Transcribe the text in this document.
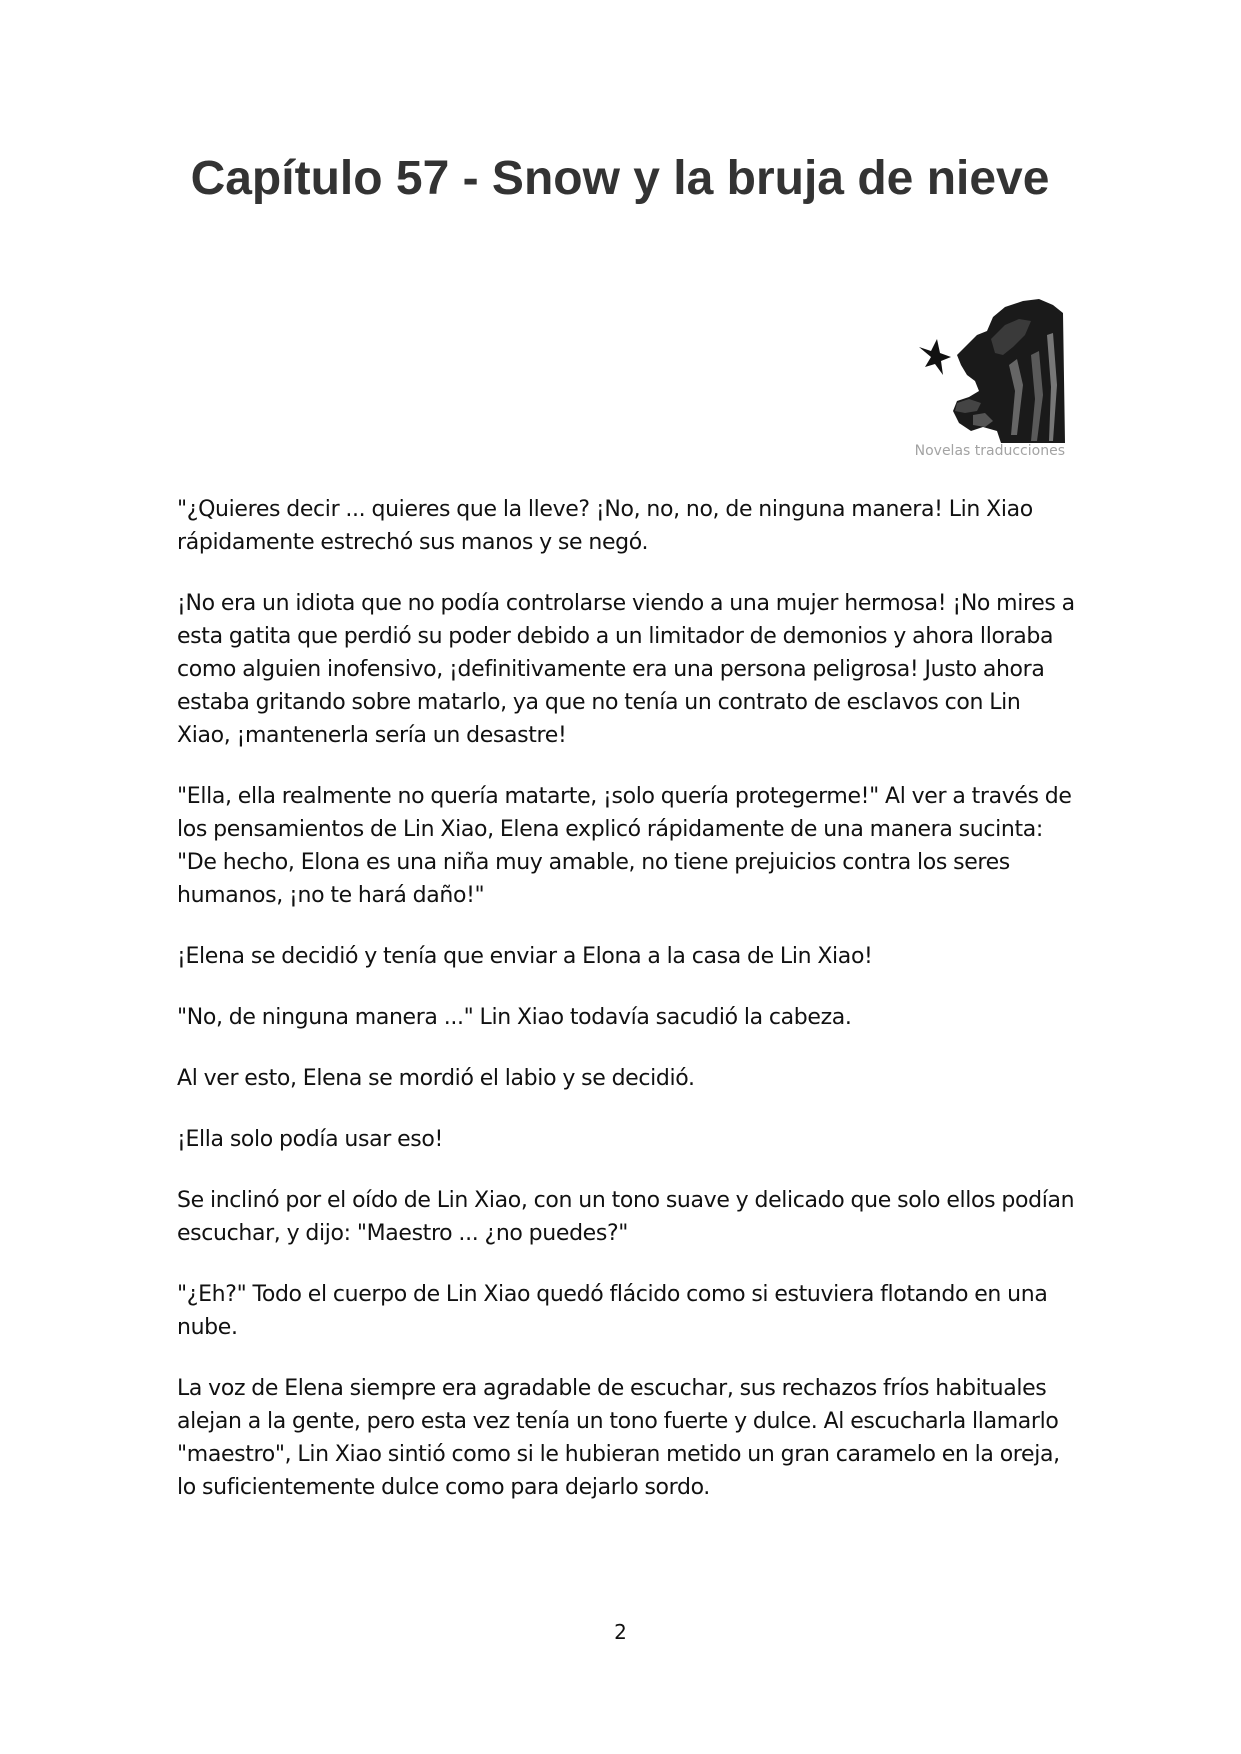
Capítulo 57 - Snow y la bruja de nieve
Novelas traducciones

"¿Quieres decir ... quieres que la lleve? ¡No, no, no, de ninguna manera! Lin Xiao rápidamente estrechó sus manos y se negó.

¡No era un idiota que no podía controlarse viendo a una mujer hermosa! ¡No mires a esta gatita que perdió su poder debido a un limitador de demonios y ahora lloraba como alguien inofensivo, ¡definitivamente era una persona peligrosa! Justo ahora estaba gritando sobre matarlo, ya que no tenía un contrato de esclavos con Lin Xiao, ¡mantenerla sería un desastre!

"Ella, ella realmente no quería matarte, ¡solo quería protegerme!" Al ver a través de los pensamientos de Lin Xiao, Elena explicó rápidamente de una manera sucinta: "De hecho, Elona es una niña muy amable, no tiene prejuicios contra los seres humanos, ¡no te hará daño!"

¡Elena se decidió y tenía que enviar a Elona a la casa de Lin Xiao!

"No, de ninguna manera ..." Lin Xiao todavía sacudió la cabeza.

Al ver esto, Elena se mordió el labio y se decidió.

¡Ella solo podía usar eso!

Se inclinó por el oído de Lin Xiao, con un tono suave y delicado que solo ellos podían escuchar, y dijo: "Maestro ... ¿no puedes?"

"¿Eh?" Todo el cuerpo de Lin Xiao quedó flácido como si estuviera flotando en una nube.

La voz de Elena siempre era agradable de escuchar, sus rechazos fríos habituales alejan a la gente, pero esta vez tenía un tono fuerte y dulce. Al escucharla llamarlo "maestro", Lin Xiao sintió como si le hubieran metido un gran caramelo en la oreja, lo suficientemente dulce como para dejarlo sordo.

2
